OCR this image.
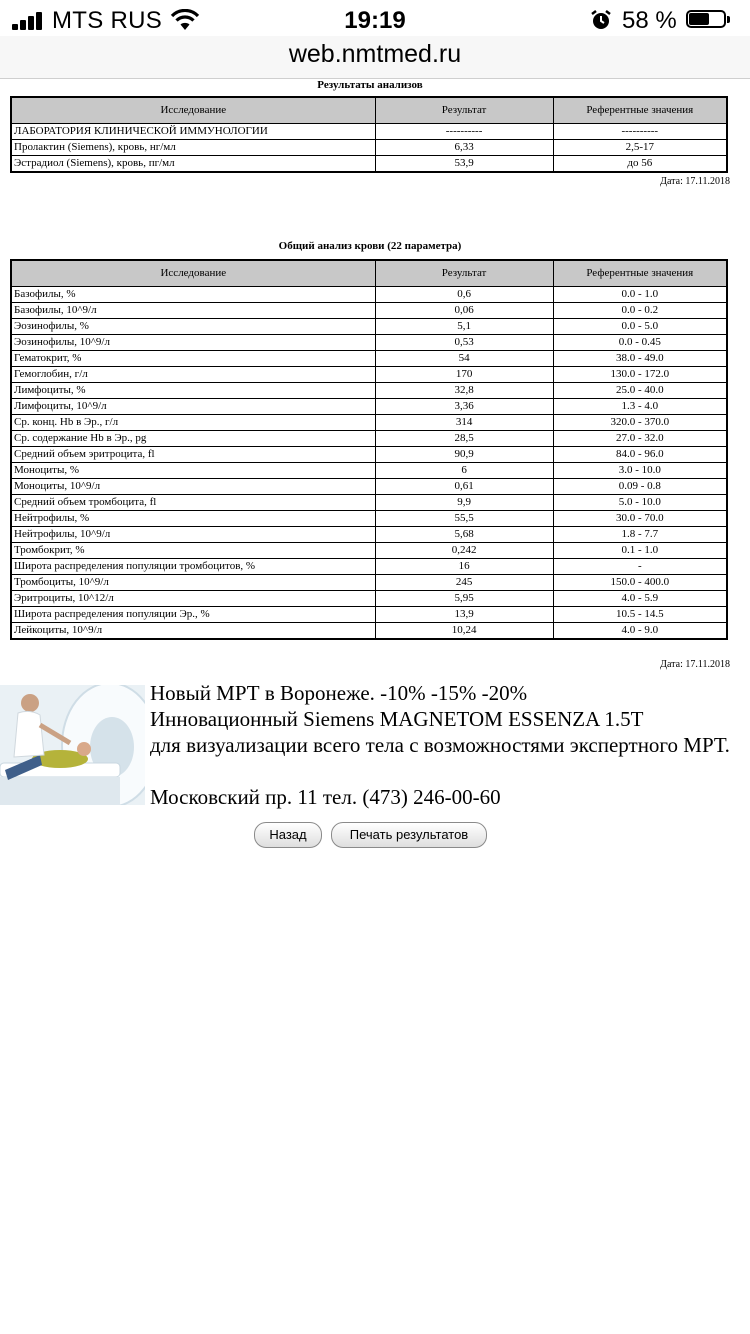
MTS RUS	19:19	58 %
web.nmtmed.ru
Результаты анализов
Исследование	Результат	Референтные значения
ЛАБОРАТОРИЯ КЛИНИЧЕСКОЙ ИММУНОЛОГИИ	----------	----------
Пролактин (Siemens), кровь, нг/мл	6,33	2,5-17
Эстрадиол (Siemens), кровь, пг/мл	53,9	до 56
Дата: 17.11.2018
Общий анализ крови (22 параметра)
Исследование	Результат	Референтные значения
Базофилы, %	0,6	0.0 - 1.0
Базофилы, 10^9/л	0,06	0.0 - 0.2
Эозинофилы, %	5,1	0.0 - 5.0
Эозинофилы, 10^9/л	0,53	0.0 - 0.45
Гематокрит, %	54	38.0 - 49.0
Гемоглобин, г/л	170	130.0 - 172.0
Лимфоциты, %	32,8	25.0 - 40.0
Лимфоциты, 10^9/л	3,36	1.3 - 4.0
Ср. конц. Hb в Эр., г/л	314	320.0 - 370.0
Ср. содержание Hb в Эр., pg	28,5	27.0 - 32.0
Средний объем эритроцита, fl	90,9	84.0 - 96.0
Моноциты, %	6	3.0 - 10.0
Моноциты, 10^9/л	0,61	0.09 - 0.8
Средний объем тромбоцита, fl	9,9	5.0 - 10.0
Нейтрофилы, %	55,5	30.0 - 70.0
Нейтрофилы, 10^9/л	5,68	1.8 - 7.7
Тромбокрит, %	0,242	0.1 - 1.0
Широта распределения популяции тромбоцитов, %	16	-
Тромбоциты, 10^9/л	245	150.0 - 400.0
Эритроциты, 10^12/л	5,95	4.0 - 5.9
Широта распределения популяции Эр., %	13,9	10.5 - 14.5
Лейкоциты, 10^9/л	10,24	4.0 - 9.0
Дата: 17.11.2018
Новый МРТ в Воронеже. -10% -15% -20%
Инновационный Siemens MAGNETOM ESSENZA 1.5T
для визуализации всего тела с возможностями экспертного МРТ.
Московский пр. 11 тел. (473) 246-00-60
Назад	Печать результатов
